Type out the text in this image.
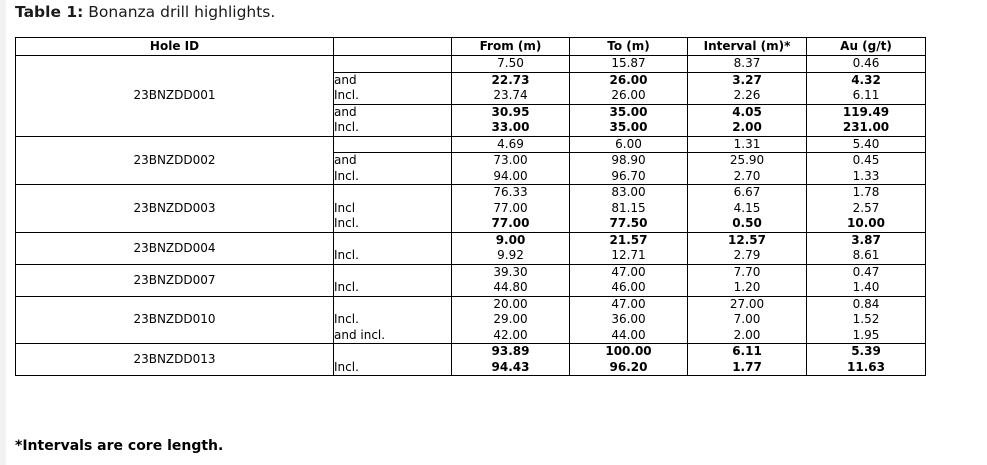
Table 1: Bonanza drill highlights.
Hole ID		From (m)	To (m)	Interval (m)*	Au (g/t)
23BNZDD001		7.50	15.87	8.37	0.46
	and	22.73	26.00	3.27	4.32
	Incl.	23.74	26.00	2.26	6.11
	and	30.95	35.00	4.05	119.49
	Incl.	33.00	35.00	2.00	231.00
23BNZDD002		4.69	6.00	1.31	5.40
	and	73.00	98.90	25.90	0.45
	Incl.	94.00	96.70	2.70	1.33
23BNZDD003		76.33	83.00	6.67	1.78
	Incl	77.00	81.15	4.15	2.57
	Incl.	77.00	77.50	0.50	10.00
23BNZDD004		9.00	21.57	12.57	3.87
	Incl.	9.92	12.71	2.79	8.61
23BNZDD007		39.30	47.00	7.70	0.47
	Incl.	44.80	46.00	1.20	1.40
23BNZDD010		20.00	47.00	27.00	0.84
	Incl.	29.00	36.00	7.00	1.52
	and incl.	42.00	44.00	2.00	1.95
23BNZDD013		93.89	100.00	6.11	5.39
	Incl.	94.43	96.20	1.77	11.63
*Intervals are core length.
